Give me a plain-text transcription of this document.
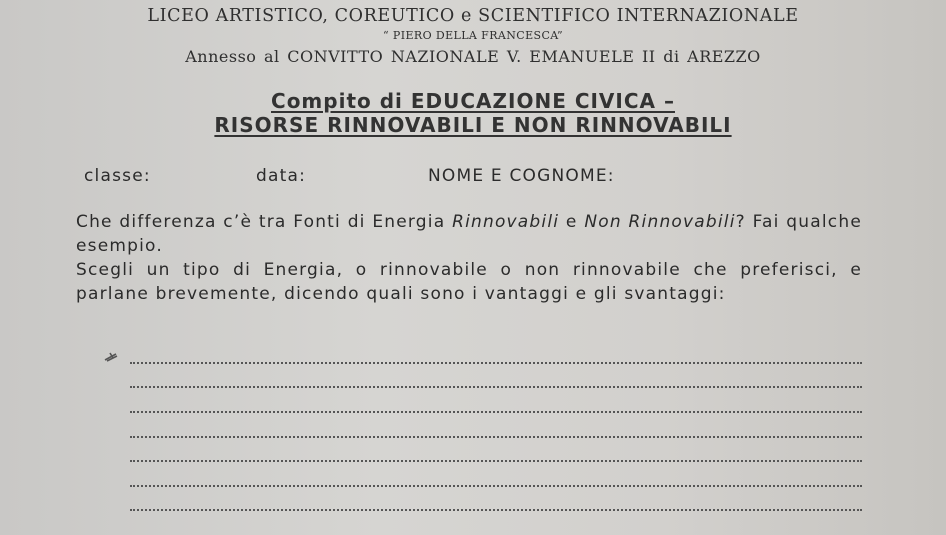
LICEO ARTISTICO, COREUTICO e SCIENTIFICO INTERNAZIONALE
“ PIERO DELLA FRANCESCA”
Annesso al CONVITTO NAZIONALE V. EMANUELE II di AREZZO
Compito di EDUCAZIONE CIVICA –
RISORSE RINNOVABILI E NON RINNOVABILI
classe:	data:	NOME E COGNOME:
Che differenza c’è tra Fonti di Energia Rinnovabili e Non Rinnovabili? Fai qualche esempio.
Scegli un tipo di Energia, o rinnovabile o non rinnovabile che preferisci, e parlane brevemente, dicendo quali sono i vantaggi e gli svantaggi:
